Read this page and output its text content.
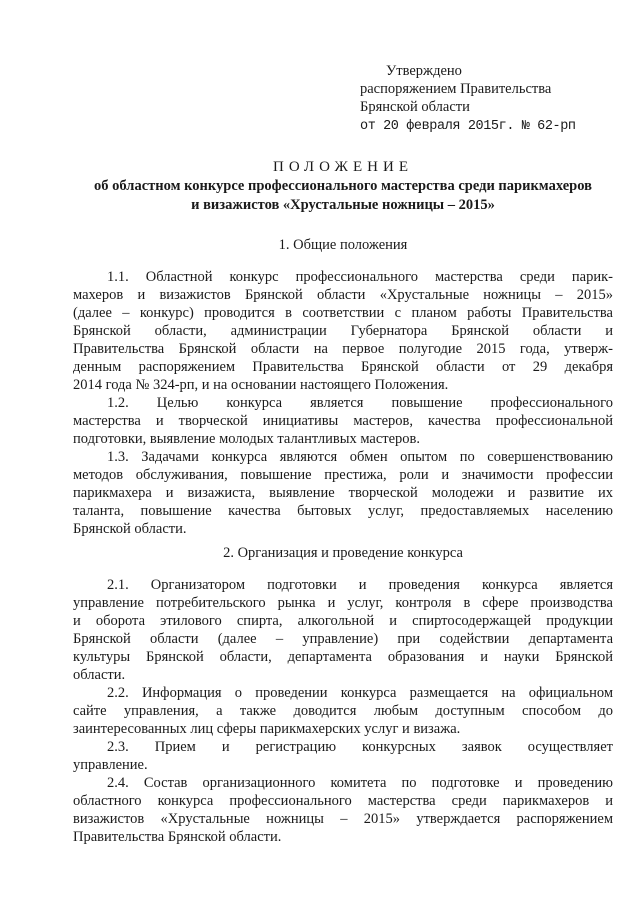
Утверждено
распоряжением Правительства
Брянской области
от 20 февраля 2015г. № 62-рп
ПОЛОЖЕНИЕ
об областном конкурсе профессионального мастерства среди парикмахеров
и визажистов «Хрустальные ножницы – 2015»
1. Общие положения
1.1. Областной конкурс профессионального мастерства среди парик-
махеров и визажистов Брянской области «Хрустальные ножницы – 2015»
(далее – конкурс) проводится в соответствии с планом работы Правительства
Брянской области, администрации Губернатора Брянской области и
Правительства Брянской области на первое полугодие 2015 года, утверж-
денным распоряжением Правительства Брянской области от 29 декабря
2014 года № 324-рп, и на основании настоящего Положения.
1.2. Целью конкурса является повышение профессионального
мастерства и творческой инициативы мастеров, качества профессиональной
подготовки, выявление молодых талантливых мастеров.
1.3. Задачами конкурса являются обмен опытом по совершенствованию
методов обслуживания, повышение престижа, роли и значимости профессии
парикмахера и визажиста, выявление творческой молодежи и развитие их
таланта, повышение качества бытовых услуг, предоставляемых населению
Брянской области.
2. Организация и проведение конкурса
2.1. Организатором подготовки и проведения конкурса является
управление потребительского рынка и услуг, контроля в сфере производства
и оборота этилового спирта, алкогольной и спиртосодержащей продукции
Брянской области (далее – управление) при содействии департамента
культуры Брянской области, департамента образования и науки Брянской
области.
2.2. Информация о проведении конкурса размещается на официальном
сайте управления, а также доводится любым доступным способом до
заинтересованных лиц сферы парикмахерских услуг и визажа.
2.3. Прием и регистрацию конкурсных заявок осуществляет
управление.
2.4. Состав организационного комитета по подготовке и проведению
областного конкурса профессионального мастерства среди парикмахеров и
визажистов «Хрустальные ножницы – 2015» утверждается распоряжением
Правительства Брянской области.
